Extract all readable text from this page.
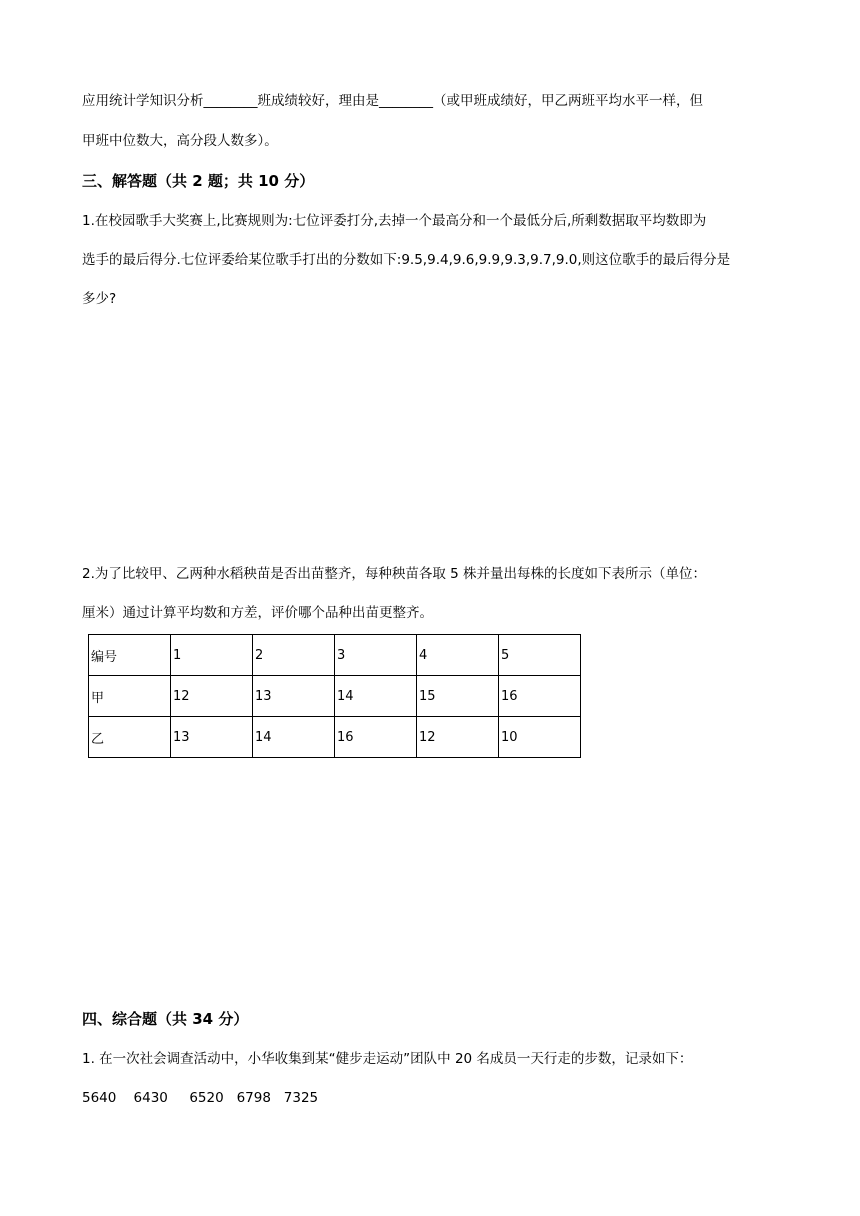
应用统计学知识分析________班成绩较好，理由是________（或甲班成绩好，甲乙两班平均水平一样，但
甲班中位数大，高分段人数多）。
三、解答题（共 2 题；共 10 分）
1.在校园歌手大奖赛上,比赛规则为:七位评委打分,去掉一个最高分和一个最低分后,所剩数据取平均数即为
选手的最后得分.七位评委给某位歌手打出的分数如下:9.5,9.4,9.6,9.9,9.3,9.7,9.0,则这位歌手的最后得分是
多少?
2.为了比较甲、乙两种水稻秧苗是否出苗整齐，每种秧苗各取 5 株并量出每株的长度如下表所示（单位：
厘米）通过计算平均数和方差，评价哪个品种出苗更整齐。
编号	1	2	3	4	5
甲	12	13	14	15	16
乙	13	14	16	12	10
四、综合题（共 34 分）
1. 在一次社会调查活动中，小华收集到某“健步走运动”团队中 20 名成员一天行走的步数，记录如下：
5640    6430     6520   6798   7325
